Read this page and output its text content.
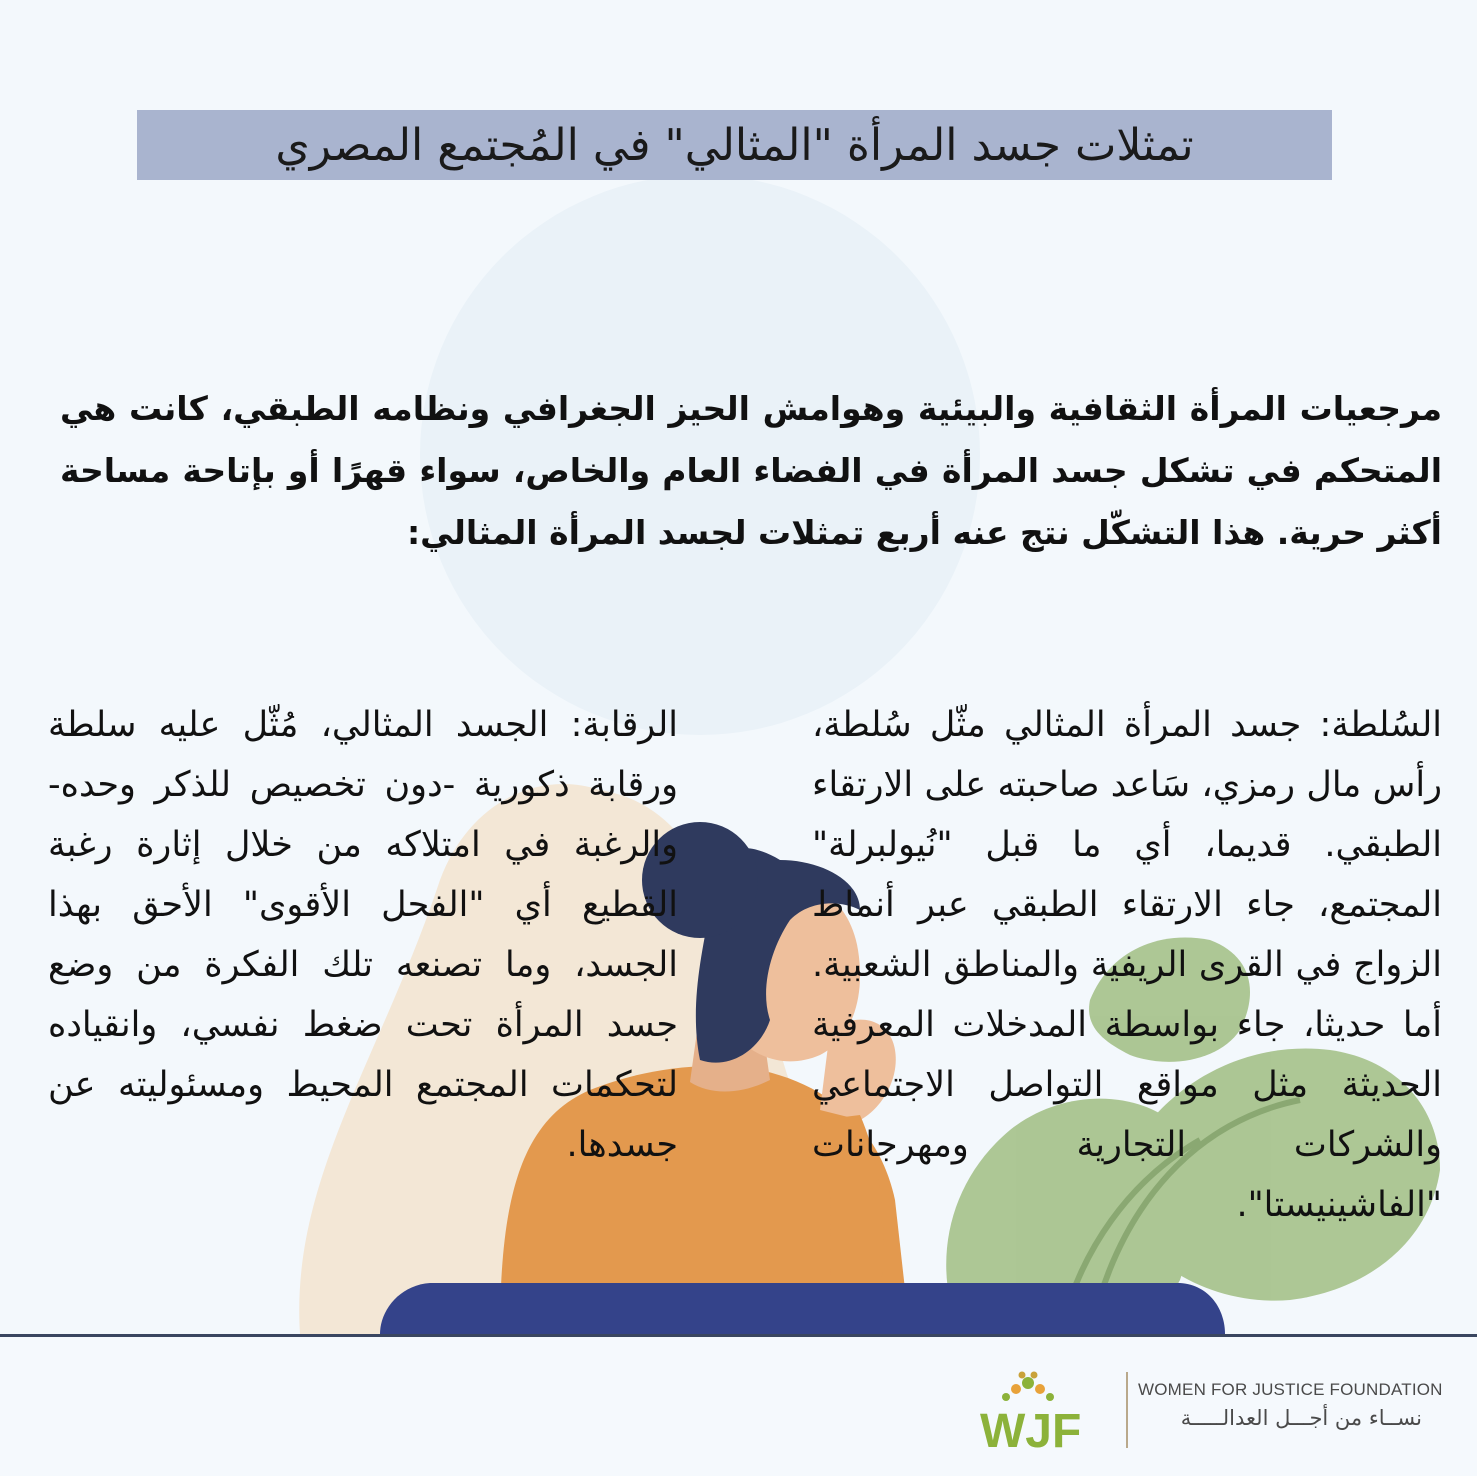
تمثلات جسد المرأة "المثالي" في المُجتمع المصري

مرجعيات المرأة الثقافية والبيئية وهوامش الحيز الجغرافي ونظامه الطبقي، كانت هي المتحكم في تشكل جسد المرأة في الفضاء العام والخاص، سواء قهرًا أو بإتاحة مساحة أكثر حرية. هذا التشكّل نتج عنه أربع تمثلات لجسد المرأة المثالي:

السُلطة: جسد المرأة المثالي مثّل سُلطة، رأس مال رمزي، سَاعد صاحبته على الارتقاء الطبقي. قديما، أي ما قبل "نُيولبرلة" المجتمع، جاء الارتقاء الطبقي عبر أنماط الزواج في القرى الريفية والمناطق الشعبية. أما حديثا، جاء بواسطة المدخلات المعرفية الحديثة مثل مواقع التواصل الاجتماعي والشركات التجارية ومهرجانات "الفاشينيستا".

الرقابة: الجسد المثالي، مُثّل عليه سلطة ورقابة ذكورية -دون تخصيص للذكر وحده- والرغبة في امتلاكه من خلال إثارة رغبة القطيع أي "الفحل الأقوى" الأحق بهذا الجسد، وما تصنعه تلك الفكرة من وضع جسد المرأة تحت ضغط نفسي، وانقياده لتحكمات المجتمع المحيط ومسئوليته عن جسدها.

WJF
WOMEN FOR JUSTICE FOUNDATION
نســاء من أجـــل العدالـــــة
